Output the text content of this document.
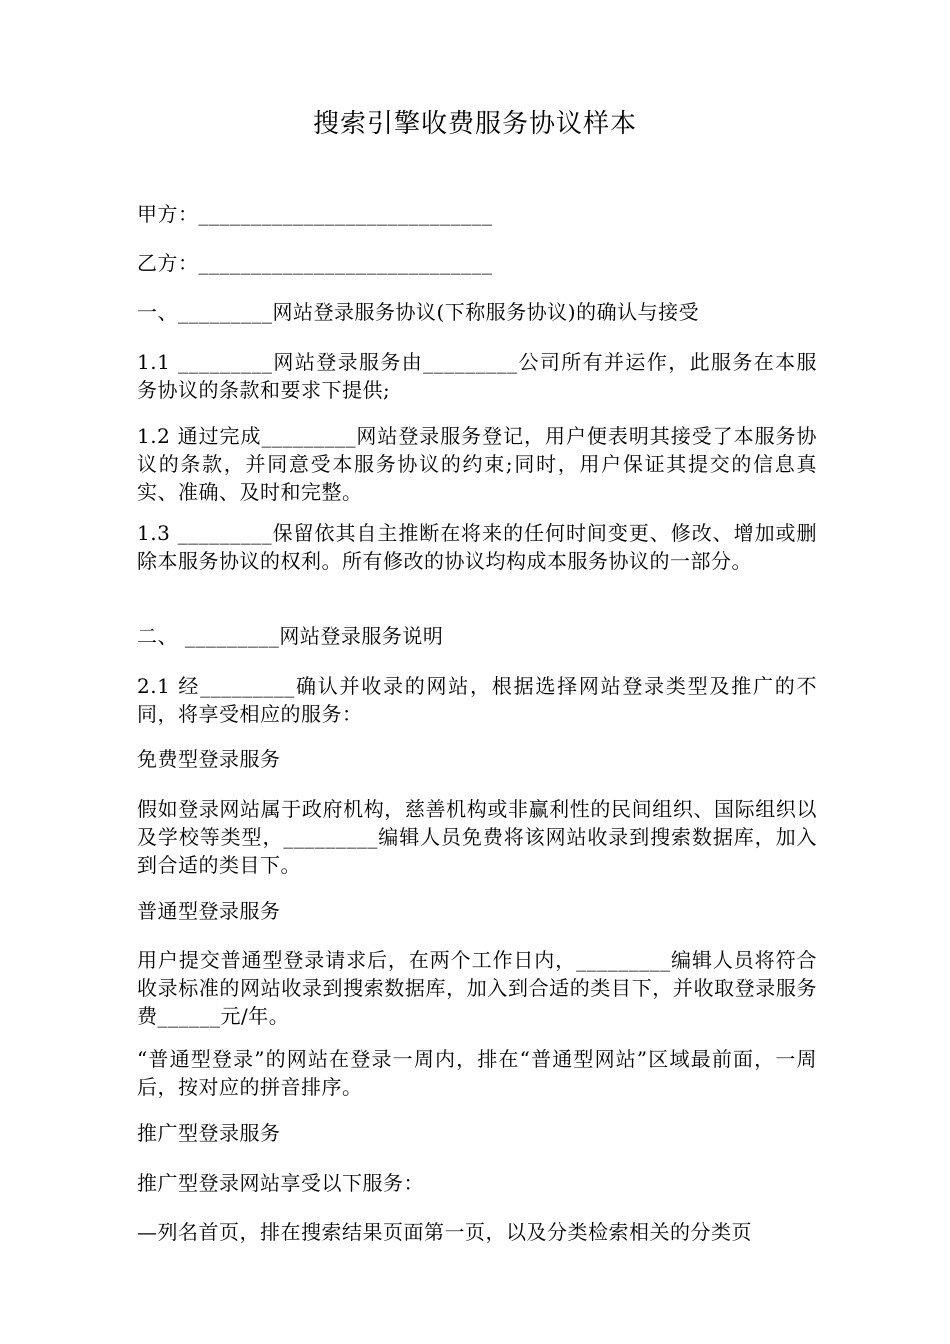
搜索引擎收费服务协议样本

甲方：____________________________

乙方：____________________________

一、_________网站登录服务协议(下称服务协议)的确认与接受

1.1 _________网站登录服务由_________公司所有并运作，此服务在本服务协议的条款和要求下提供;

1.2 通过完成_________网站登录服务登记，用户便表明其接受了本服务协议的条款，并同意受本服务协议的约束;同时，用户保证其提交的信息真实、准确、及时和完整。

1.3 _________保留依其自主推断在将来的任何时间变更、修改、增加或删除本服务协议的权利。所有修改的协议均构成本服务协议的一部分。

二、 _________网站登录服务说明

2.1 经_________确认并收录的网站，根据选择网站登录类型及推广的不同，将享受相应的服务：

免费型登录服务

假如登录网站属于政府机构，慈善机构或非赢利性的民间组织、国际组织以及学校等类型，_________编辑人员免费将该网站收录到搜索数据库，加入到合适的类目下。

普通型登录服务

用户提交普通型登录请求后，在两个工作日内，_________编辑人员将符合收录标准的网站收录到搜索数据库，加入到合适的类目下，并收取登录服务费______元/年。

“普通型登录”的网站在登录一周内，排在“普通型网站”区域最前面，一周后，按对应的拼音排序。

推广型登录服务

推广型登录网站享受以下服务：

—列名首页，排在搜索结果页面第一页，以及分类检索相关的分类页
